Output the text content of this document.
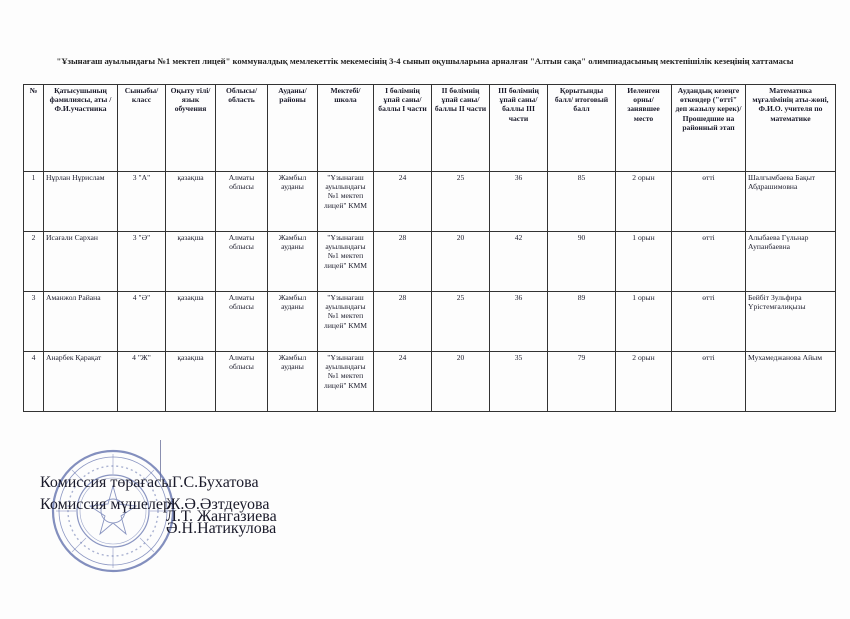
"Ұзынағаш ауылындағы №1 мектеп лицей" коммуналдық мемлекеттік мекемесінің 3-4 сынып оқушыларына арналған "Алтын сақа" олимпиадасының мектепішілік кезеңінің хаттамасы
№	Қатысушының фамилиясы, аты /Ф.И.участника	Сыныбы/класс	Оқыту тілі/ язык обучения	Облысы/ область	Ауданы/ районы	Мектебі/ школа	I бөлімнің ұпай саны/ баллы I части	II бөлімнің ұпай саны/ баллы II части	III бөлімнің ұпай саны/ баллы III части	Қорытынды балл/ итоговый балл	Иеленген орны/ занявшее место	Аудандық кезеңге өткендер ("өтті" деп жазылу керек)/ Прошедшие на районный этап	Математика мұғалімінің аты-жөні, Ф.И.О. учителя по математике
1	Нұрлан Нұрислам	3 "А"	қазақша	Алматы облысы	Жамбыл ауданы	"Ұзынағаш ауылындағы №1 мектеп лицей" КММ	24	25	36	85	2 орын	өтті	Шалгымбаева Бақыт Абдрашимовна
2	Исағали Сархан	3 "Ә"	қазақша	Алматы облысы	Жамбыл ауданы	"Ұзынағаш ауылындағы №1 мектеп лицей" КММ	28	20	42	90	1 орын	өтті	Алыбаева Гүльнар Аупанбаевна
3	Аманжол Райана	4 "Ә"	қазақша	Алматы облысы	Жамбыл ауданы	"Ұзынағаш ауылындағы №1 мектеп лицей" КММ	28	25	36	89	1 орын	өтті	Бейбіт Зульфира Үрістемғалиқызы
4	Анарбек Қарақат	4 "Ж"	қазақша	Алматы облысы	Жамбыл ауданы	"Ұзынағаш ауылындағы №1 мектеп лицей" КММ	24	20	35	79	2 орын	өтті	Мухамеджанова Айым
Комиссия төрағасы Г.С.Бухатова
Комиссия мүшелері
Ж.Ә.Әзтдеуова
Л.Т. Жангазиева
Ә.Н.Натикулова
